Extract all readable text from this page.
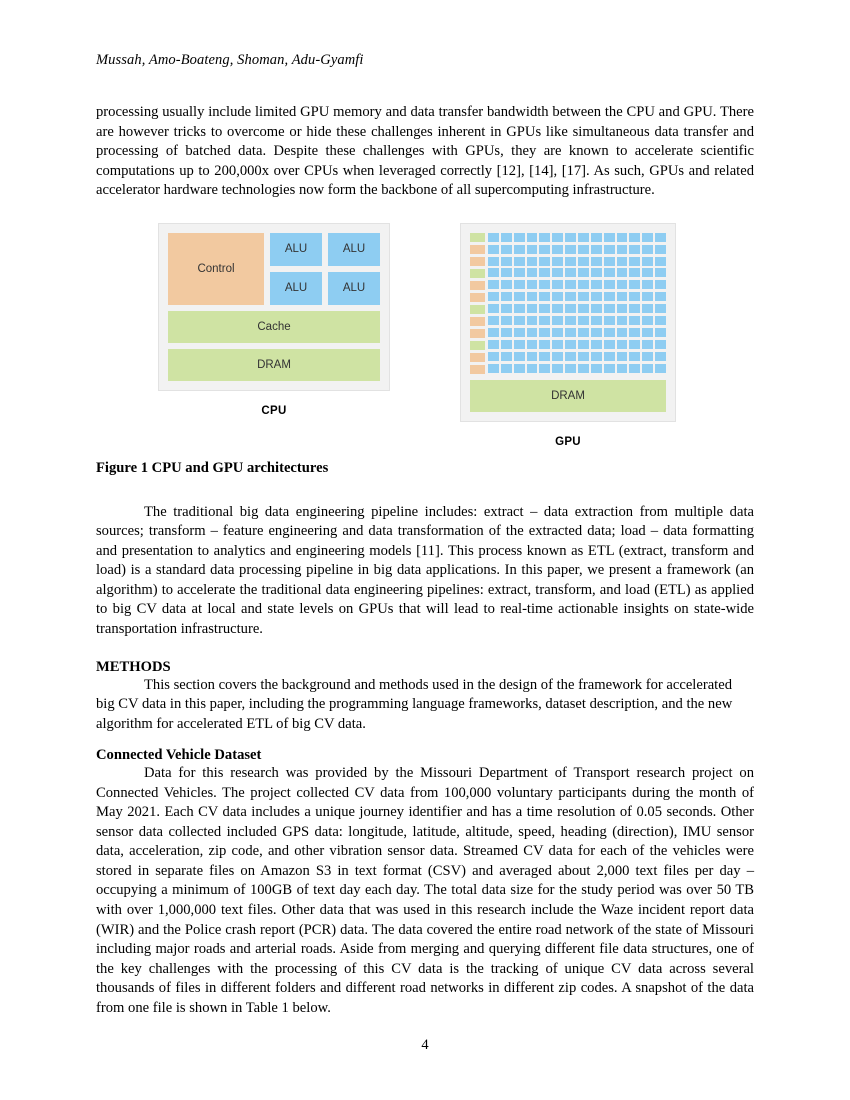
Mussah, Amo-Boateng, Shoman, Adu-Gyamfi

processing usually include limited GPU memory and data transfer bandwidth between the CPU and GPU. There are however tricks to overcome or hide these challenges inherent in GPUs like simultaneous data transfer and processing of batched data. Despite these challenges with GPUs, they are known to accelerate scientific computations up to 200,000x over CPUs when leveraged correctly [12], [14], [17]. As such, GPUs and related accelerator hardware technologies now form the backbone of all supercomputing infrastructure.

Control
ALU	ALU
ALU	ALU
Cache
DRAM
CPU
DRAM
GPU
Figure 1 CPU and GPU architectures

The traditional big data engineering pipeline includes: extract – data extraction from multiple data sources; transform – feature engineering and data transformation of the extracted data; load – data formatting and presentation to analytics and engineering models [11]. This process known as ETL (extract, transform and load) is a standard data processing pipeline in big data applications. In this paper, we present a framework (an algorithm) to accelerate the traditional data engineering pipelines: extract, transform, and load (ETL) as applied to big CV data at local and state levels on GPUs that will lead to real-time actionable insights on state-wide transportation infrastructure.

METHODS

This section covers the background and methods used in the design of the framework for accelerated big CV data in this paper, including the programming language frameworks, dataset description, and the new algorithm for accelerated ETL of big CV data.

Connected Vehicle Dataset

Data for this research was provided by the Missouri Department of Transport research project on Connected Vehicles. The project collected CV data from 100,000 voluntary participants during the month of May 2021. Each CV data includes a unique journey identifier and has a time resolution of 0.05 seconds. Other sensor data collected included GPS data: longitude, latitude, altitude, speed, heading (direction), IMU sensor data, acceleration, zip code, and other vibration sensor data. Streamed CV data for each of the vehicles were stored in separate files on Amazon S3 in text format (CSV) and averaged about 2,000 text files per day – occupying a minimum of 100GB of text day each day. The total data size for the study period was over 50 TB with over 1,000,000 text files. Other data that was used in this research include the Waze incident report data (WIR) and the Police crash report (PCR) data. The data covered the entire road network of the state of Missouri including major roads and arterial roads. Aside from merging and querying different file data structures, one of the key challenges with the processing of this CV data is the tracking of unique CV data across several thousands of files in different folders and different road networks in different zip codes. A snapshot of the data from one file is shown in Table 1 below.

4
